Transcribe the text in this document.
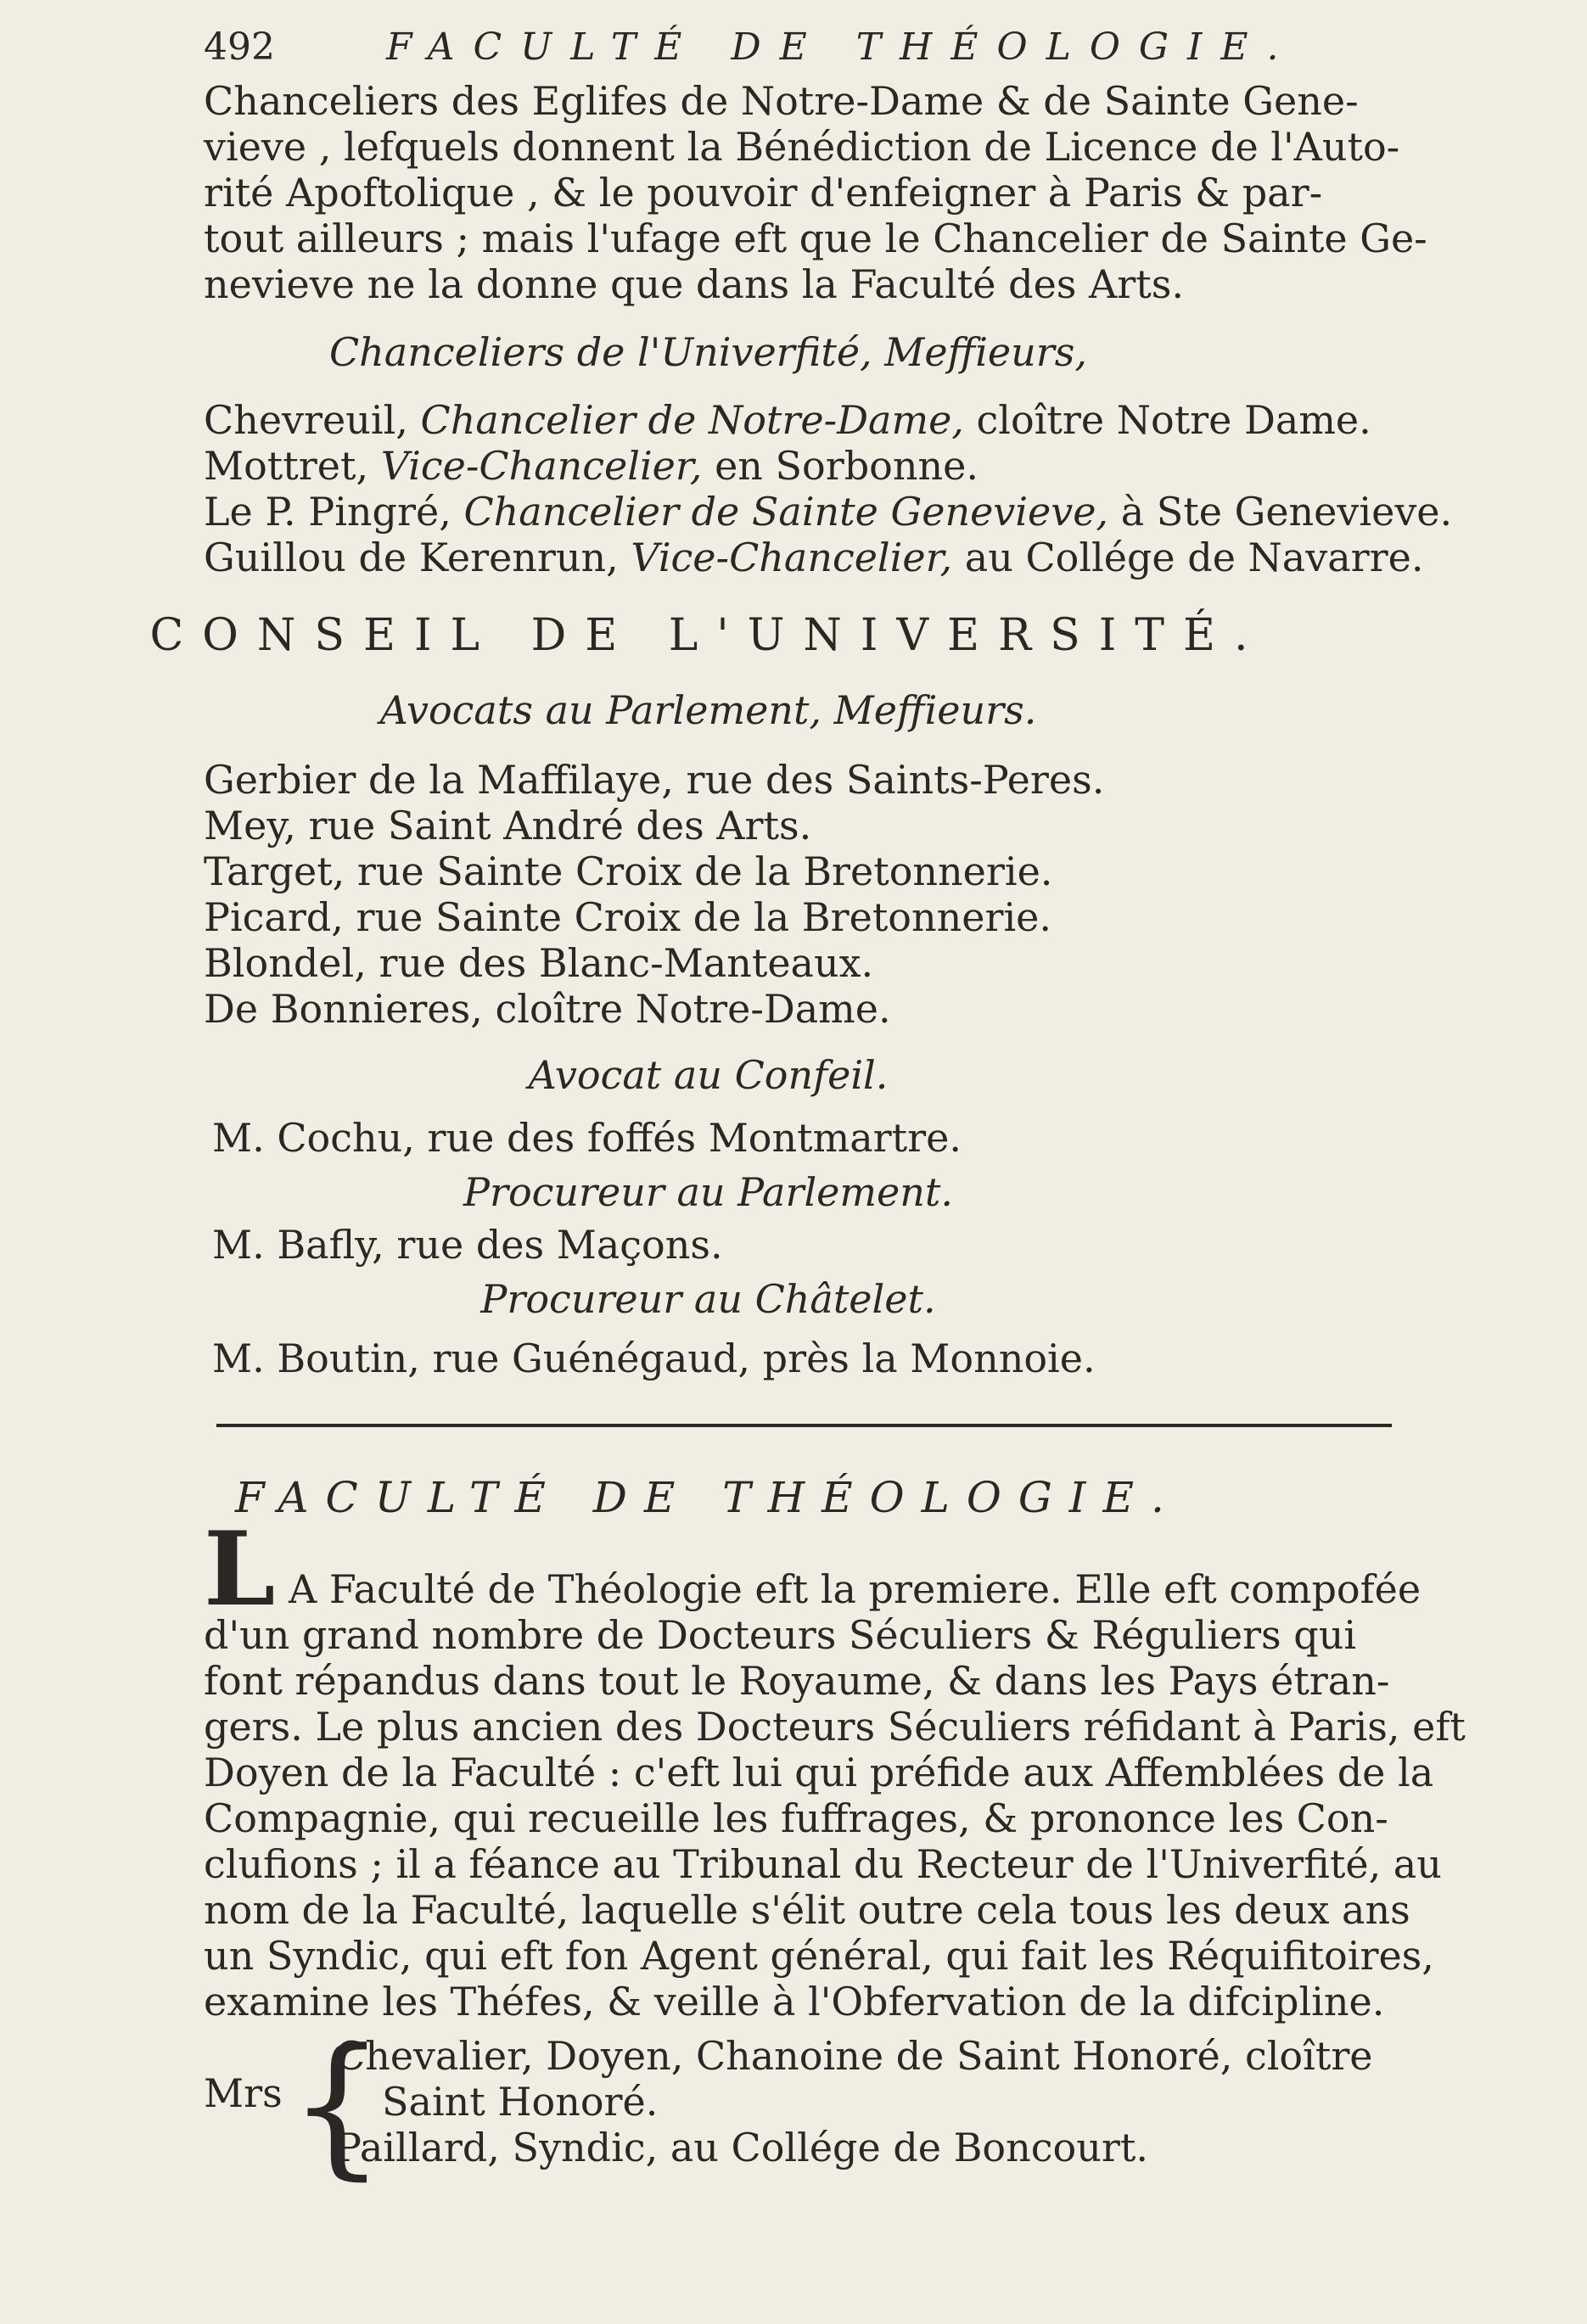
492	FACULTÉ DE THÉOLOGIE.
Chanceliers des Eglifes de Notre-Dame & de Sainte Gene-
vieve , lefquels donnent la Bénédiction de Licence de l'Auto-
rité Apoftolique , & le pouvoir d'enfeigner à Paris & par-
tout ailleurs ; mais l'ufage eft que le Chancelier de Sainte Ge-
nevieve ne la donne que dans la Faculté des Arts.
Chanceliers de l'Univerfité, Meffieurs,
Chevreuil, Chancelier de Notre-Dame, cloître Notre Dame.
Mottret, Vice-Chancelier, en Sorbonne.
Le P. Pingré, Chancelier de Sainte Genevieve, à Ste Genevieve.
Guillou de Kerenrun, Vice-Chancelier, au Collége de Navarre.
CONSEIL DE L'UNIVERSITÉ.
Avocats au Parlement, Meffieurs.
Gerbier de la Maffilaye, rue des Saints-Peres.
Mey, rue Saint André des Arts.
Target, rue Sainte Croix de la Bretonnerie.
Picard, rue Sainte Croix de la Bretonnerie.
Blondel, rue des Blanc-Manteaux.
De Bonnieres, cloître Notre-Dame.
Avocat au Confeil.
M. Cochu, rue des foffés Montmartre.
Procureur au Parlement.
M. Bafly, rue des Maçons.
Procureur au Châtelet.
M. Boutin, rue Guénégaud, près la Monnoie.
FACULTÉ DE THÉOLOGIE.
L A Faculté de Théologie eft la premiere. Elle eft compofée
d'un grand nombre de Docteurs Séculiers & Réguliers qui
font répandus dans tout le Royaume, & dans les Pays étran-
gers. Le plus ancien des Docteurs Séculiers réfidant à Paris, eft
Doyen de la Faculté : c'eft lui qui préfide aux Affemblées de la
Compagnie, qui recueille les fuffrages, & prononce les Con-
clufions ; il a féance au Tribunal du Recteur de l'Univerfité, au
nom de la Faculté, laquelle s'élit outre cela tous les deux ans
un Syndic, qui eft fon Agent général, qui fait les Réquifitoires,
examine les Théfes, & veille à l'Obfervation de la difcipline.
Mrs {
Chevalier, Doyen, Chanoine de Saint Honoré, cloître
Saint Honoré.
Paillard, Syndic, au Collége de Boncourt.
